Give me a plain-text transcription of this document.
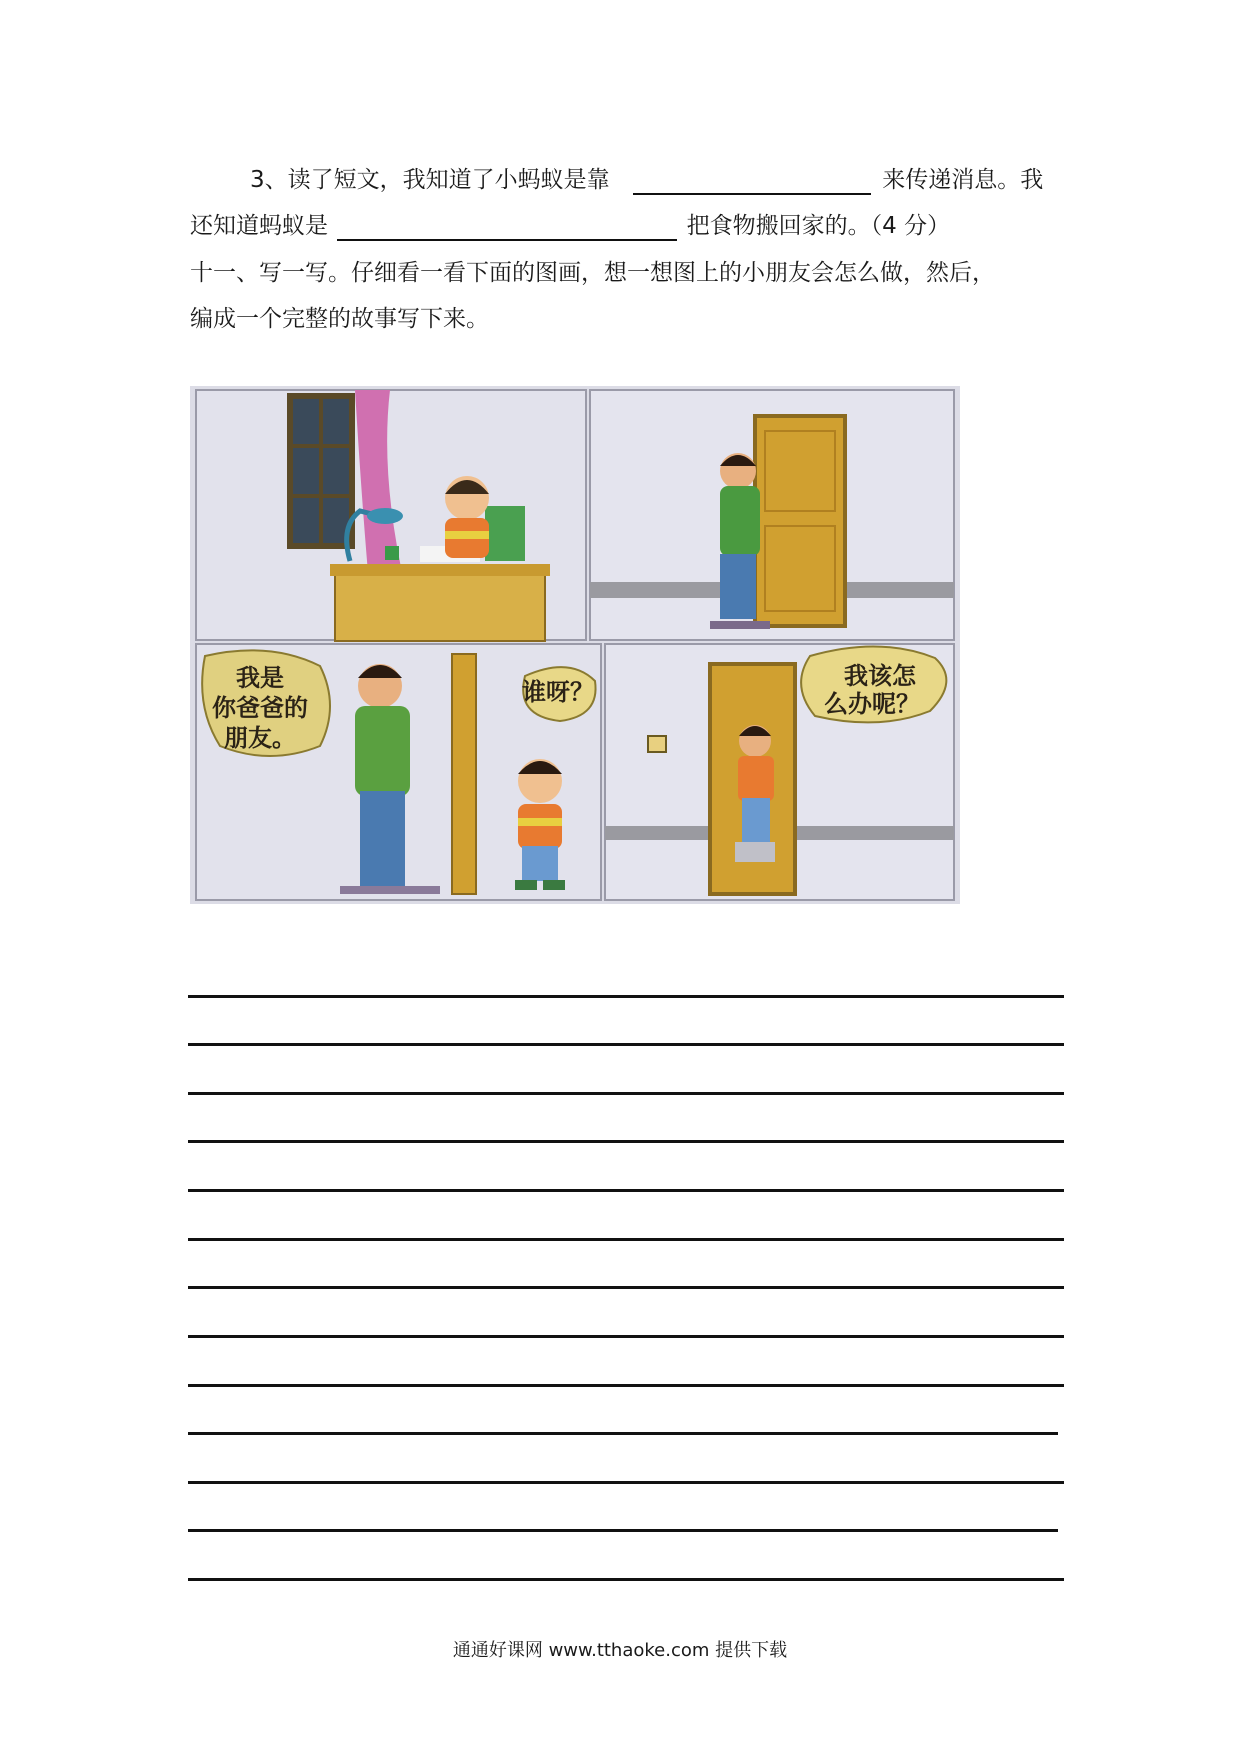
3、读了短文，我知道了小蚂蚁是靠	来传递消息。我
还知道蚂蚁是	把食物搬回家的。（4 分）
十一、写一写。仔细看一看下面的图画，想一想图上的小朋友会怎么做，然后，
编成一个完整的故事写下来。
我是
你爸爸的
朋友。
谁呀？
我该怎
么办呢？
通通好课网 www.tthaoke.com 提供下载
